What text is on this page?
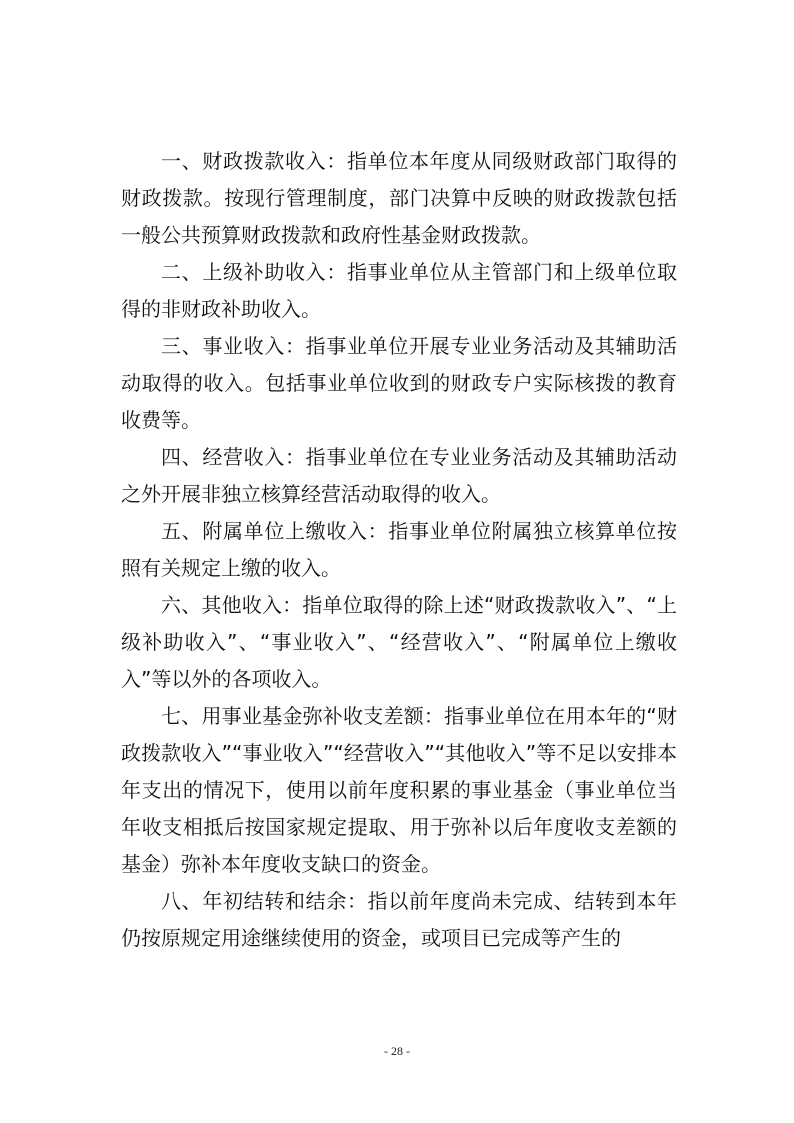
一、财政拨款收入：指单位本年度从同级财政部门取得的财政拨款。按现行管理制度，部门决算中反映的财政拨款包括一般公共预算财政拨款和政府性基金财政拨款。

二、上级补助收入：指事业单位从主管部门和上级单位取得的非财政补助收入。

三、事业收入：指事业单位开展专业业务活动及其辅助活动取得的收入。包括事业单位收到的财政专户实际核拨的教育收费等。

四、经营收入：指事业单位在专业业务活动及其辅助活动之外开展非独立核算经营活动取得的收入。

五、附属单位上缴收入：指事业单位附属独立核算单位按照有关规定上缴的收入。

六、其他收入：指单位取得的除上述“财政拨款收入”、“上级补助收入”、“事业收入”、“经营收入”、“附属单位上缴收入”等以外的各项收入。

七、用事业基金弥补收支差额：指事业单位在用本年的“财政拨款收入”“事业收入”“经营收入”“其他收入”等不足以安排本年支出的情况下，使用以前年度积累的事业基金（事业单位当年收支相抵后按国家规定提取、用于弥补以后年度收支差额的基金）弥补本年度收支缺口的资金。

八、年初结转和结余：指以前年度尚未完成、结转到本年仍按原规定用途继续使用的资金，或项目已完成等产生的

- 28 -
